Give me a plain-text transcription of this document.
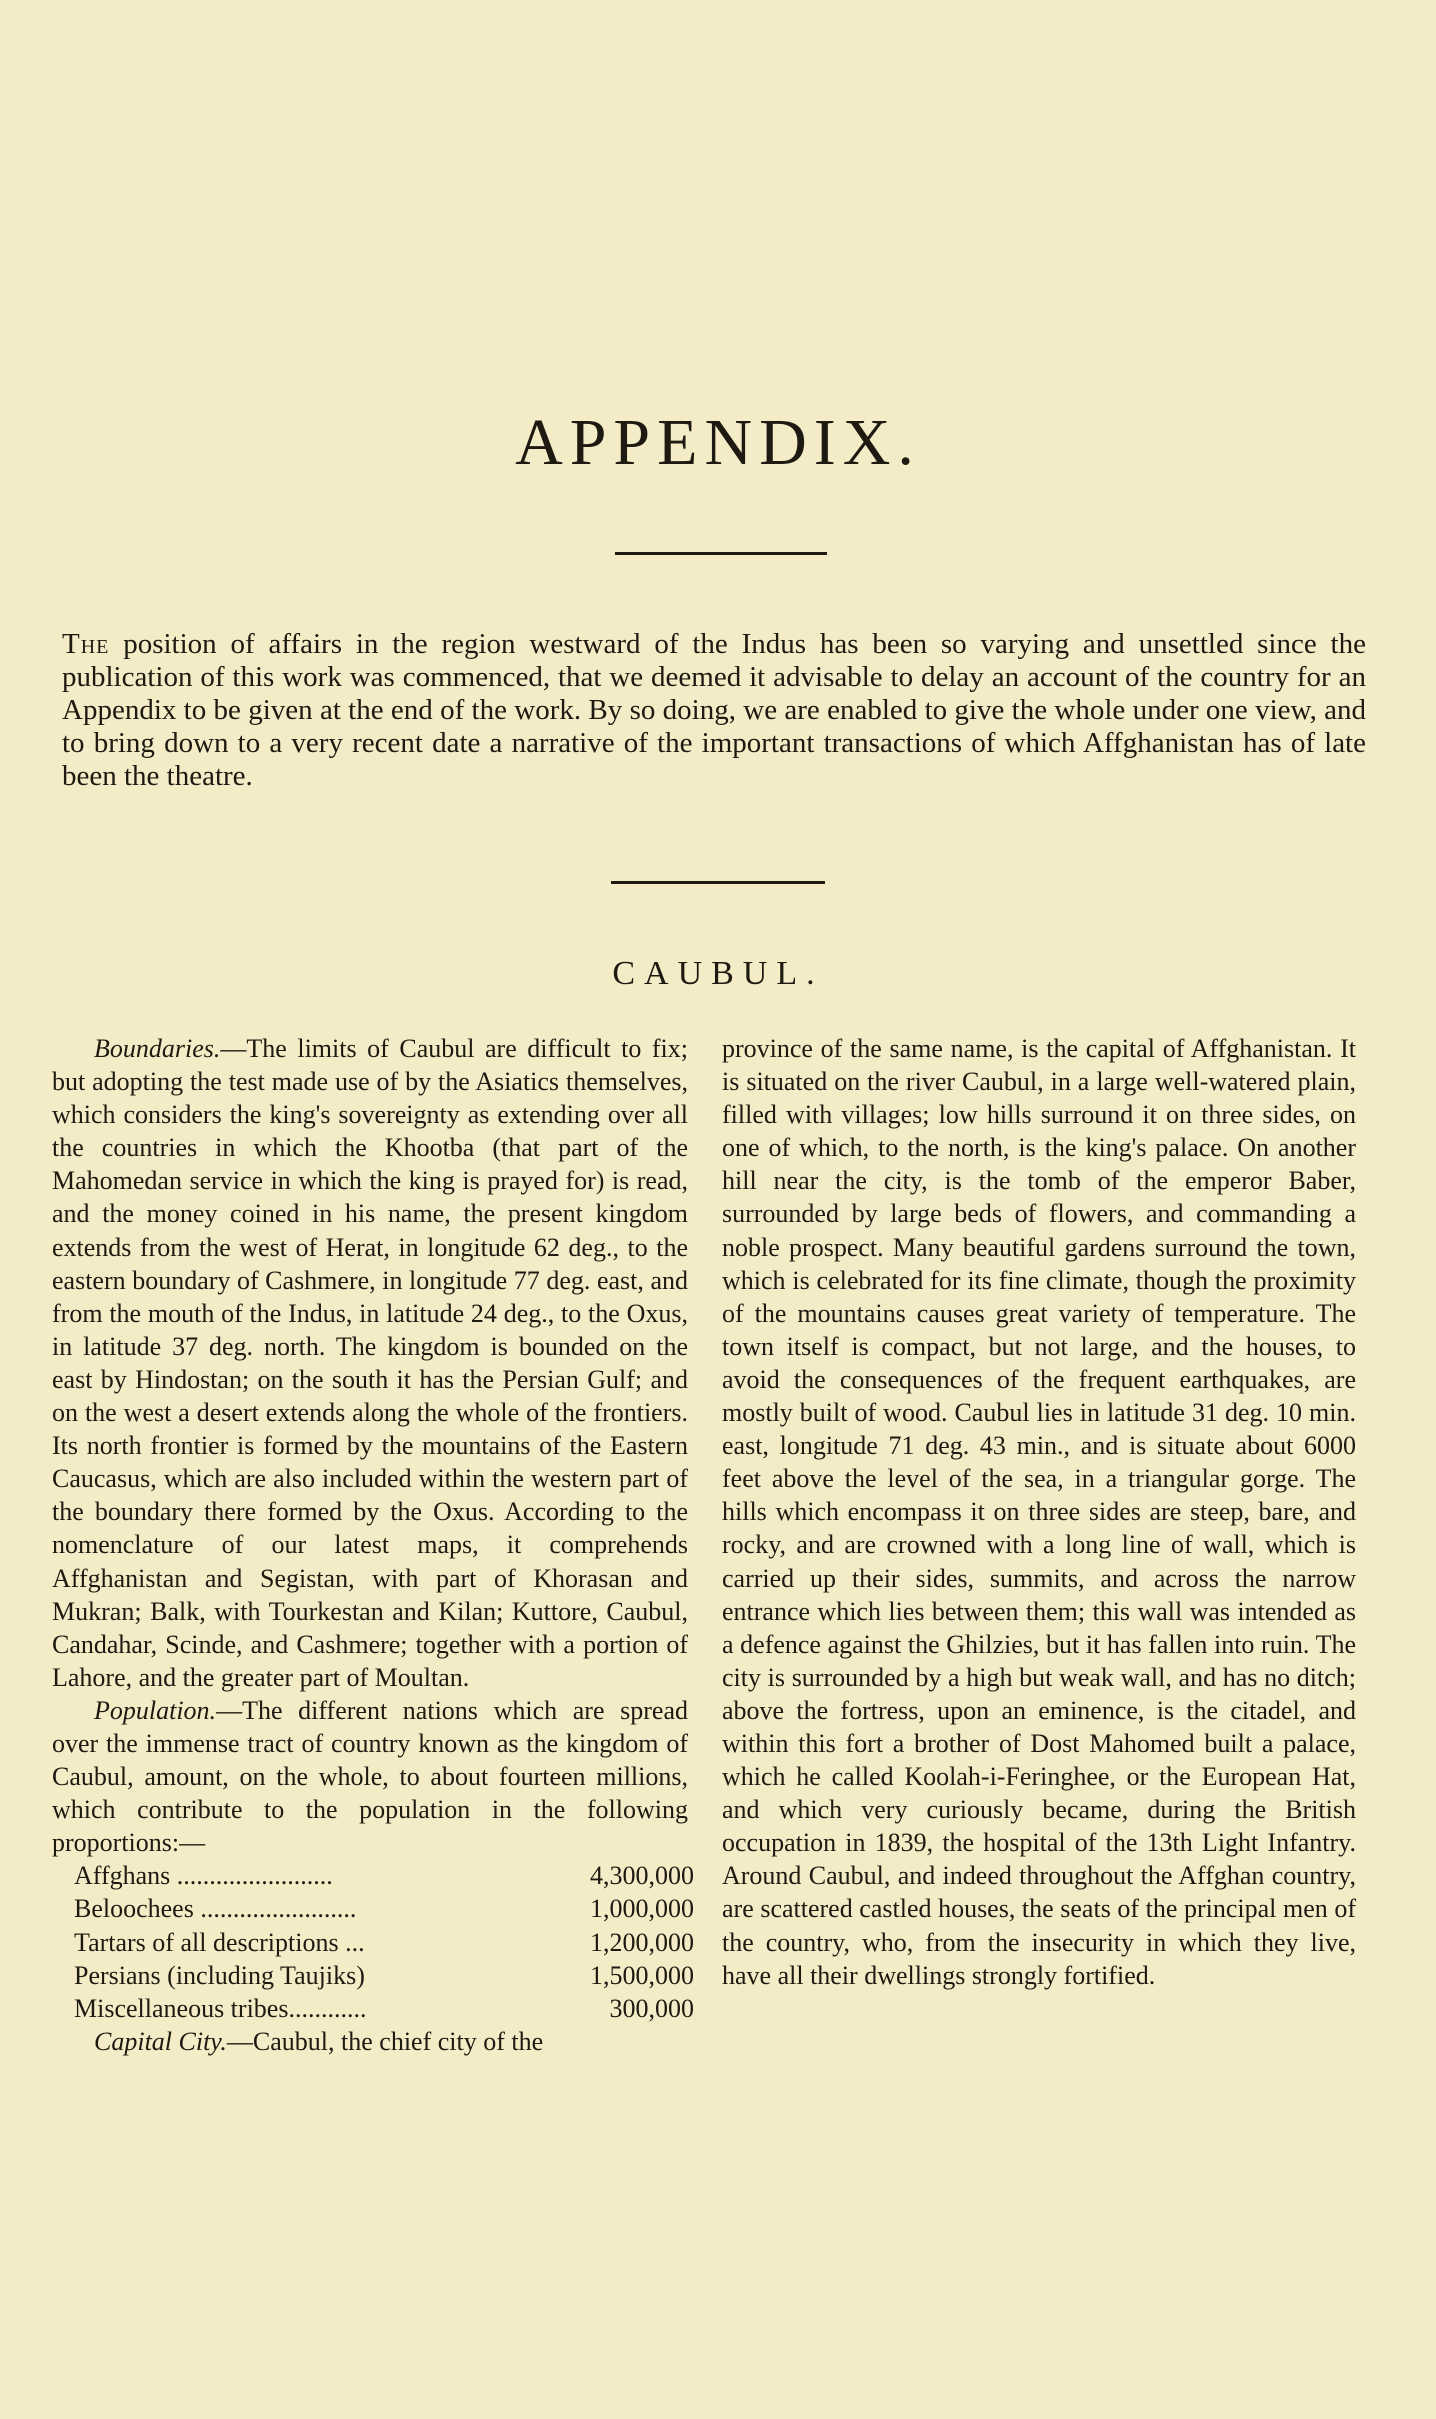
APPENDIX.

The position of affairs in the region westward of the Indus has been so varying and unsettled since the publication of this work was commenced, that we deemed it advisable to delay an account of the country for an Appendix to be given at the end of the work. By so doing, we are enabled to give the whole under one view, and to bring down to a very recent date a narrative of the important transactions of which Affghanistan has of late been the theatre.

CAUBUL.

Boundaries.—The limits of Caubul are difficult to fix; but adopting the test made use of by the Asiatics themselves, which considers the king's sovereignty as extending over all the countries in which the Khootba (that part of the Mahomedan service in which the king is prayed for) is read, and the money coined in his name, the present kingdom extends from the west of Herat, in longitude 62 deg., to the eastern boundary of Cashmere, in longitude 77 deg. east, and from the mouth of the Indus, in latitude 24 deg., to the Oxus, in latitude 37 deg. north. The kingdom is bounded on the east by Hindostan; on the south it has the Persian Gulf; and on the west a desert extends along the whole of the frontiers. Its north frontier is formed by the mountains of the Eastern Caucasus, which are also included within the western part of the boundary there formed by the Oxus. According to the nomenclature of our latest maps, it comprehends Affghanistan and Segistan, with part of Khorasan and Mukran; Balk, with Tourkestan and Kilan; Kuttore, Caubul, Candahar, Scinde, and Cashmere; together with a portion of Lahore, and the greater part of Moultan.

Population.—The different nations which are spread over the immense tract of country known as the kingdom of Caubul, amount, on the whole, to about fourteen millions, which contribute to the population in the following proportions:—

Affghans ........................	4,300,000
Beloochees ........................	1,000,000
Tartars of all descriptions ...	1,200,000
Persians (including Taujiks)	1,500,000
Miscellaneous tribes............	300,000

Capital City.—Caubul, the chief city of the

province of the same name, is the capital of Affghanistan. It is situated on the river Caubul, in a large well-watered plain, filled with villages; low hills surround it on three sides, on one of which, to the north, is the king's palace. On another hill near the city, is the tomb of the emperor Baber, surrounded by large beds of flowers, and commanding a noble prospect. Many beautiful gardens surround the town, which is celebrated for its fine climate, though the proximity of the mountains causes great variety of temperature. The town itself is compact, but not large, and the houses, to avoid the consequences of the frequent earthquakes, are mostly built of wood. Caubul lies in latitude 31 deg. 10 min. east, longitude 71 deg. 43 min., and is situate about 6000 feet above the level of the sea, in a triangular gorge. The hills which encompass it on three sides are steep, bare, and rocky, and are crowned with a long line of wall, which is carried up their sides, summits, and across the narrow entrance which lies between them; this wall was intended as a defence against the Ghilzies, but it has fallen into ruin. The city is surrounded by a high but weak wall, and has no ditch; above the fortress, upon an eminence, is the citadel, and within this fort a brother of Dost Mahomed built a palace, which he called Koolah-i-Feringhee, or the European Hat, and which very curiously became, during the British occupation in 1839, the hospital of the 13th Light Infantry. Around Caubul, and indeed throughout the Affghan country, are scattered castled houses, the seats of the principal men of the country, who, from the insecurity in which they live, have all their dwellings strongly fortified.
